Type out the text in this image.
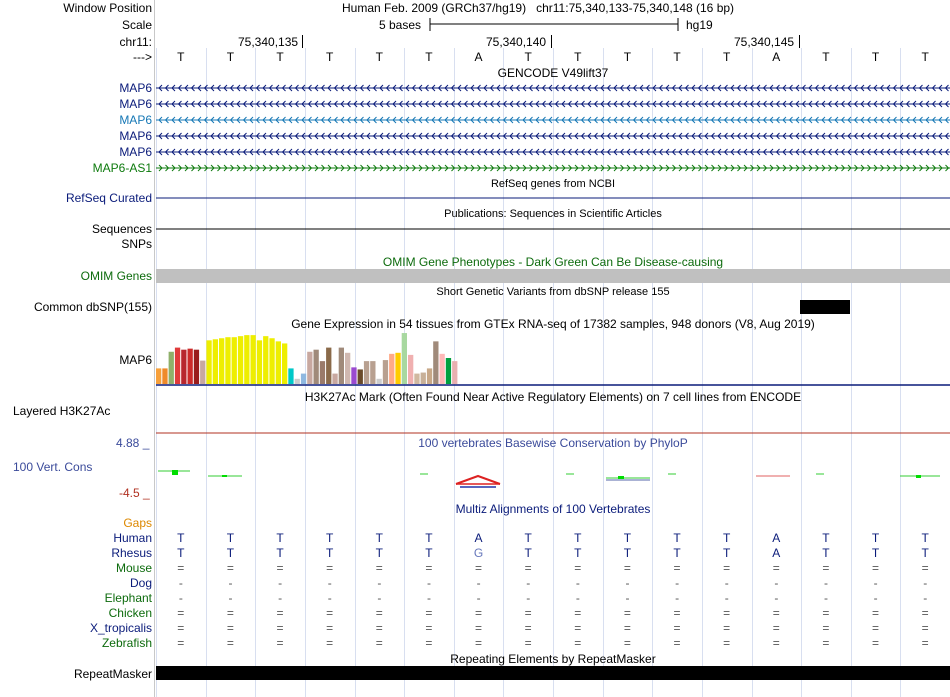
Window Position	Human Feb. 2009 (GRCh37/hg19)   chr11:75,340,133-75,340,148 (16 bp)
Scale	5 bases	hg19
chr11:	75,340,135	75,340,140	75,340,145
--->	T	T	T	T	T	T	A	T	T	T	T	T	A	T	T	T
GENCODE V49lift37
MAP6
MAP6
MAP6
MAP6
MAP6
MAP6-AS1
RefSeq genes from NCBI
RefSeq Curated
Publications: Sequences in Scientific Articles
Sequences
SNPs
OMIM Gene Phenotypes - Dark Green Can Be Disease-causing
OMIM Genes
Short Genetic Variants from dbSNP release 155
Common dbSNP(155)
Gene Expression in 54 tissues from GTEx RNA-seq of 17382 samples, 948 donors (V8, Aug 2019)
MAP6
H3K27Ac Mark (Often Found Near Active Regulatory Elements) on 7 cell lines from ENCODE
Layered H3K27Ac
100 vertebrates Basewise Conservation by PhyloP
4.88 _
100 Vert. Cons
-4.5 _
Multiz Alignments of 100 Vertebrates
Gaps
Human	T	T	T	T	T	T	A	T	T	T	T	T	A	T	T	T
Rhesus	T	T	T	T	T	T	G	T	T	T	T	T	A	T	T	T
Mouse	=	=	=	=	=	=	=	=	=	=	=	=	=	=	=	=
Dog	-	-	-	-	-	-	-	-	-	-	-	-	-	-	-	-
Elephant	-	-	-	-	-	-	-	-	-	-	-	-	-	-	-	-
Chicken	=	=	=	=	=	=	=	=	=	=	=	=	=	=	=	=
X_tropicalis	=	=	=	=	=	=	=	=	=	=	=	=	=	=	=	=
Zebrafish	=	=	=	=	=	=	=	=	=	=	=	=	=	=	=	=
Repeating Elements by RepeatMasker
RepeatMasker
